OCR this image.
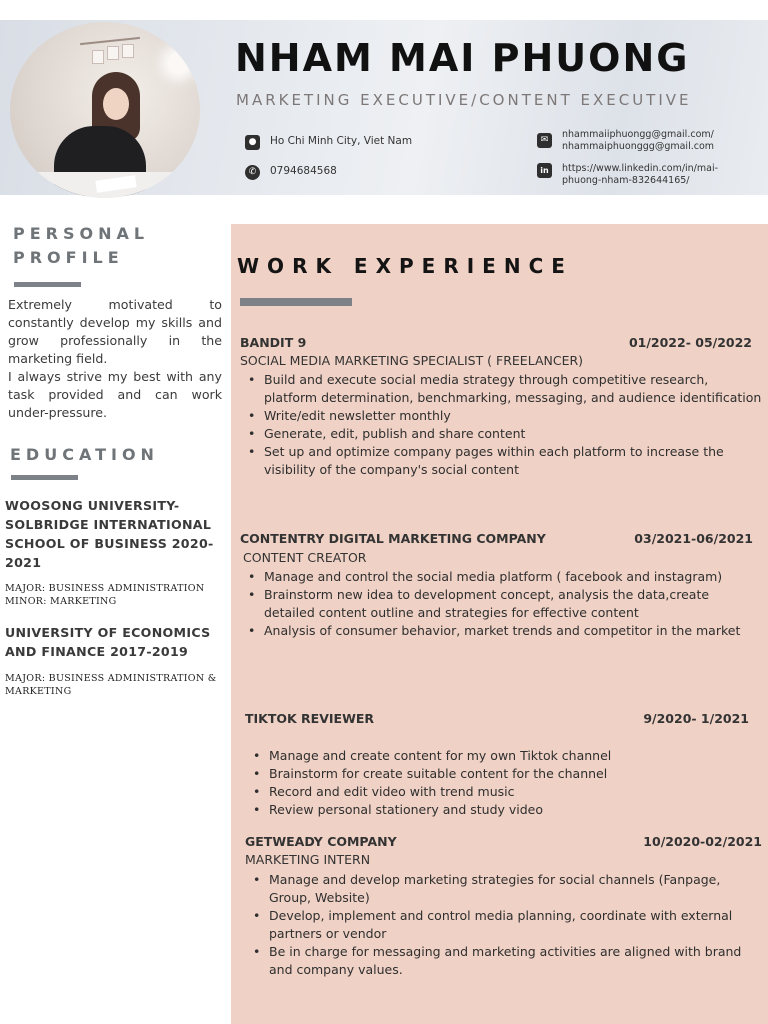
NHAM MAI PHUONG
MARKETING EXECUTIVE/CONTENT EXECUTIVE
●	Ho Chi Minh City, Viet Nam
✆	0794684568
✉	nhammaiiphuongg@gmail.com/
nhammaiphuonggg@gmail.com
in	https://www.linkedin.com/in/mai-
phuong-nham-832644165/
PERSONAL
PROFILE
Extremely motivated to constantly develop my skills and grow professionally in the marketing field.
I always strive my best with any task provided and can work under-pressure.
EDUCATION
WOOSONG UNIVERSITY-SOLBRIDGE INTERNATIONAL SCHOOL OF BUSINESS 2020-2021
MAJOR: BUSINESS ADMINISTRATION
MINOR: MARKETING
UNIVERSITY OF ECONOMICS AND FINANCE 2017-2019
MAJOR: BUSINESS ADMINISTRATION & MARKETING
WORK EXPERIENCE
BANDIT 9	01/2022- 05/2022
SOCIAL MEDIA MARKETING SPECIALIST ( FREELANCER)
• Build and execute social media strategy through competitive research, platform determination, benchmarking, messaging, and audience identification
• Write/edit newsletter monthly
• Generate, edit, publish and share content
• Set up and optimize company pages within each platform to increase the visibility of the company's social content
CONTENTRY DIGITAL MARKETING COMPANY	03/2021-06/2021
CONTENT CREATOR
• Manage and control the social media platform ( facebook and instagram)
• Brainstorm new idea to development concept, analysis the data,create detailed content outline and strategies for effective content
• Analysis of consumer behavior, market trends and competitor in the market
TIKTOK REVIEWER	9/2020- 1/2021
• Manage and create content for my own Tiktok channel
• Brainstorm for create suitable content for the channel
• Record and edit video with trend music
• Review personal stationery and study video
GETWEADY COMPANY	10/2020-02/2021
MARKETING INTERN
• Manage and develop marketing strategies for social channels (Fanpage, Group, Website)
• Develop, implement and control media planning, coordinate with external partners or vendor
• Be in charge for messaging and marketing activities are aligned with brand and company values.
